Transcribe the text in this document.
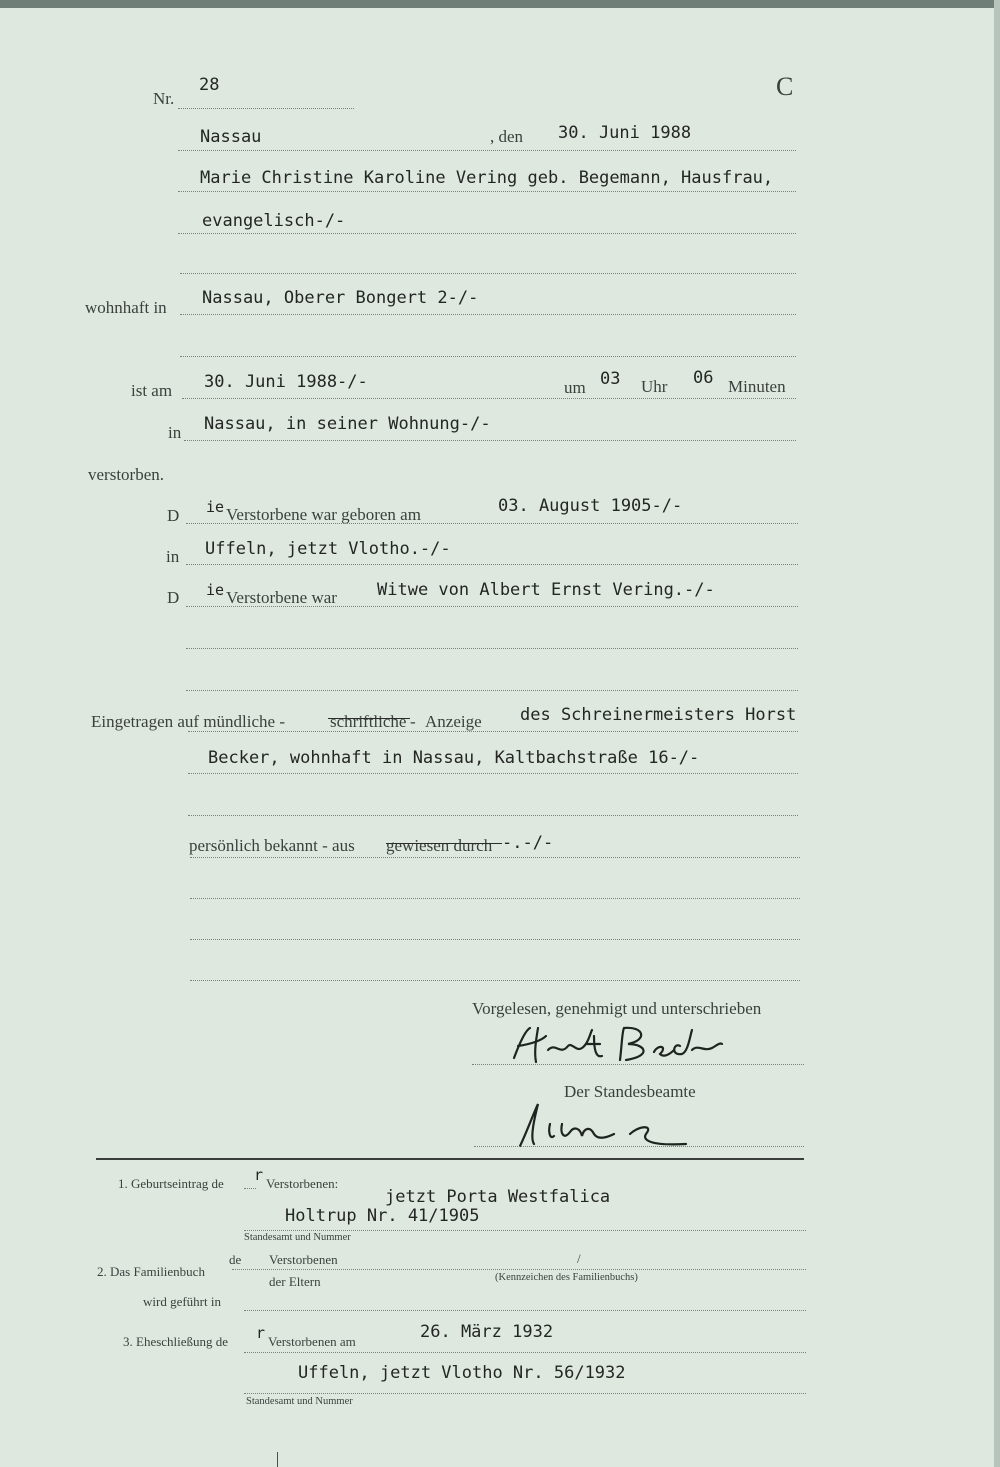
Nr.
28	C
Nassau	, den 30. Juni 1988
Marie Christine Karoline Vering geb. Begemann, Hausfrau,
evangelisch-/-
wohnhaft in Nassau, Oberer Bongert 2-/-
ist am 30. Juni 1988-/-	um 03 Uhr 06 Minuten
in Nassau, in seiner Wohnung-/-
verstorben.
D ie Verstorbene war geboren am	03. August 1905-/-
in Uffeln, jetzt Vlotho.-/-
D ie Verstorbene war Witwe von Albert Ernst Vering.-/-
Eingetragen auf mündliche -	schriftliche - Anzeige des Schreinermeisters Horst
Becker, wohnhaft in Nassau, Kaltbachstraße 16-/-
persönlich bekannt - aus gewiesen durch -.-/-
Vorgelesen, genehmigt und unterschrieben
Der Standesbeamte
1. Geburtseintrag de r Verstorbenen:
jetzt Porta Westfalica
Holtrup Nr. 41/1905
Standesamt und Nummer
2. Das Familienbuch
de Verstorbenen
der Eltern
/
(Kennzeichen des Familienbuchs)
wird geführt in
3. Eheschließung de r Verstorbenen am	26. März 1932
Uffeln, jetzt Vlotho Nr. 56/1932
Standesamt und Nummer
